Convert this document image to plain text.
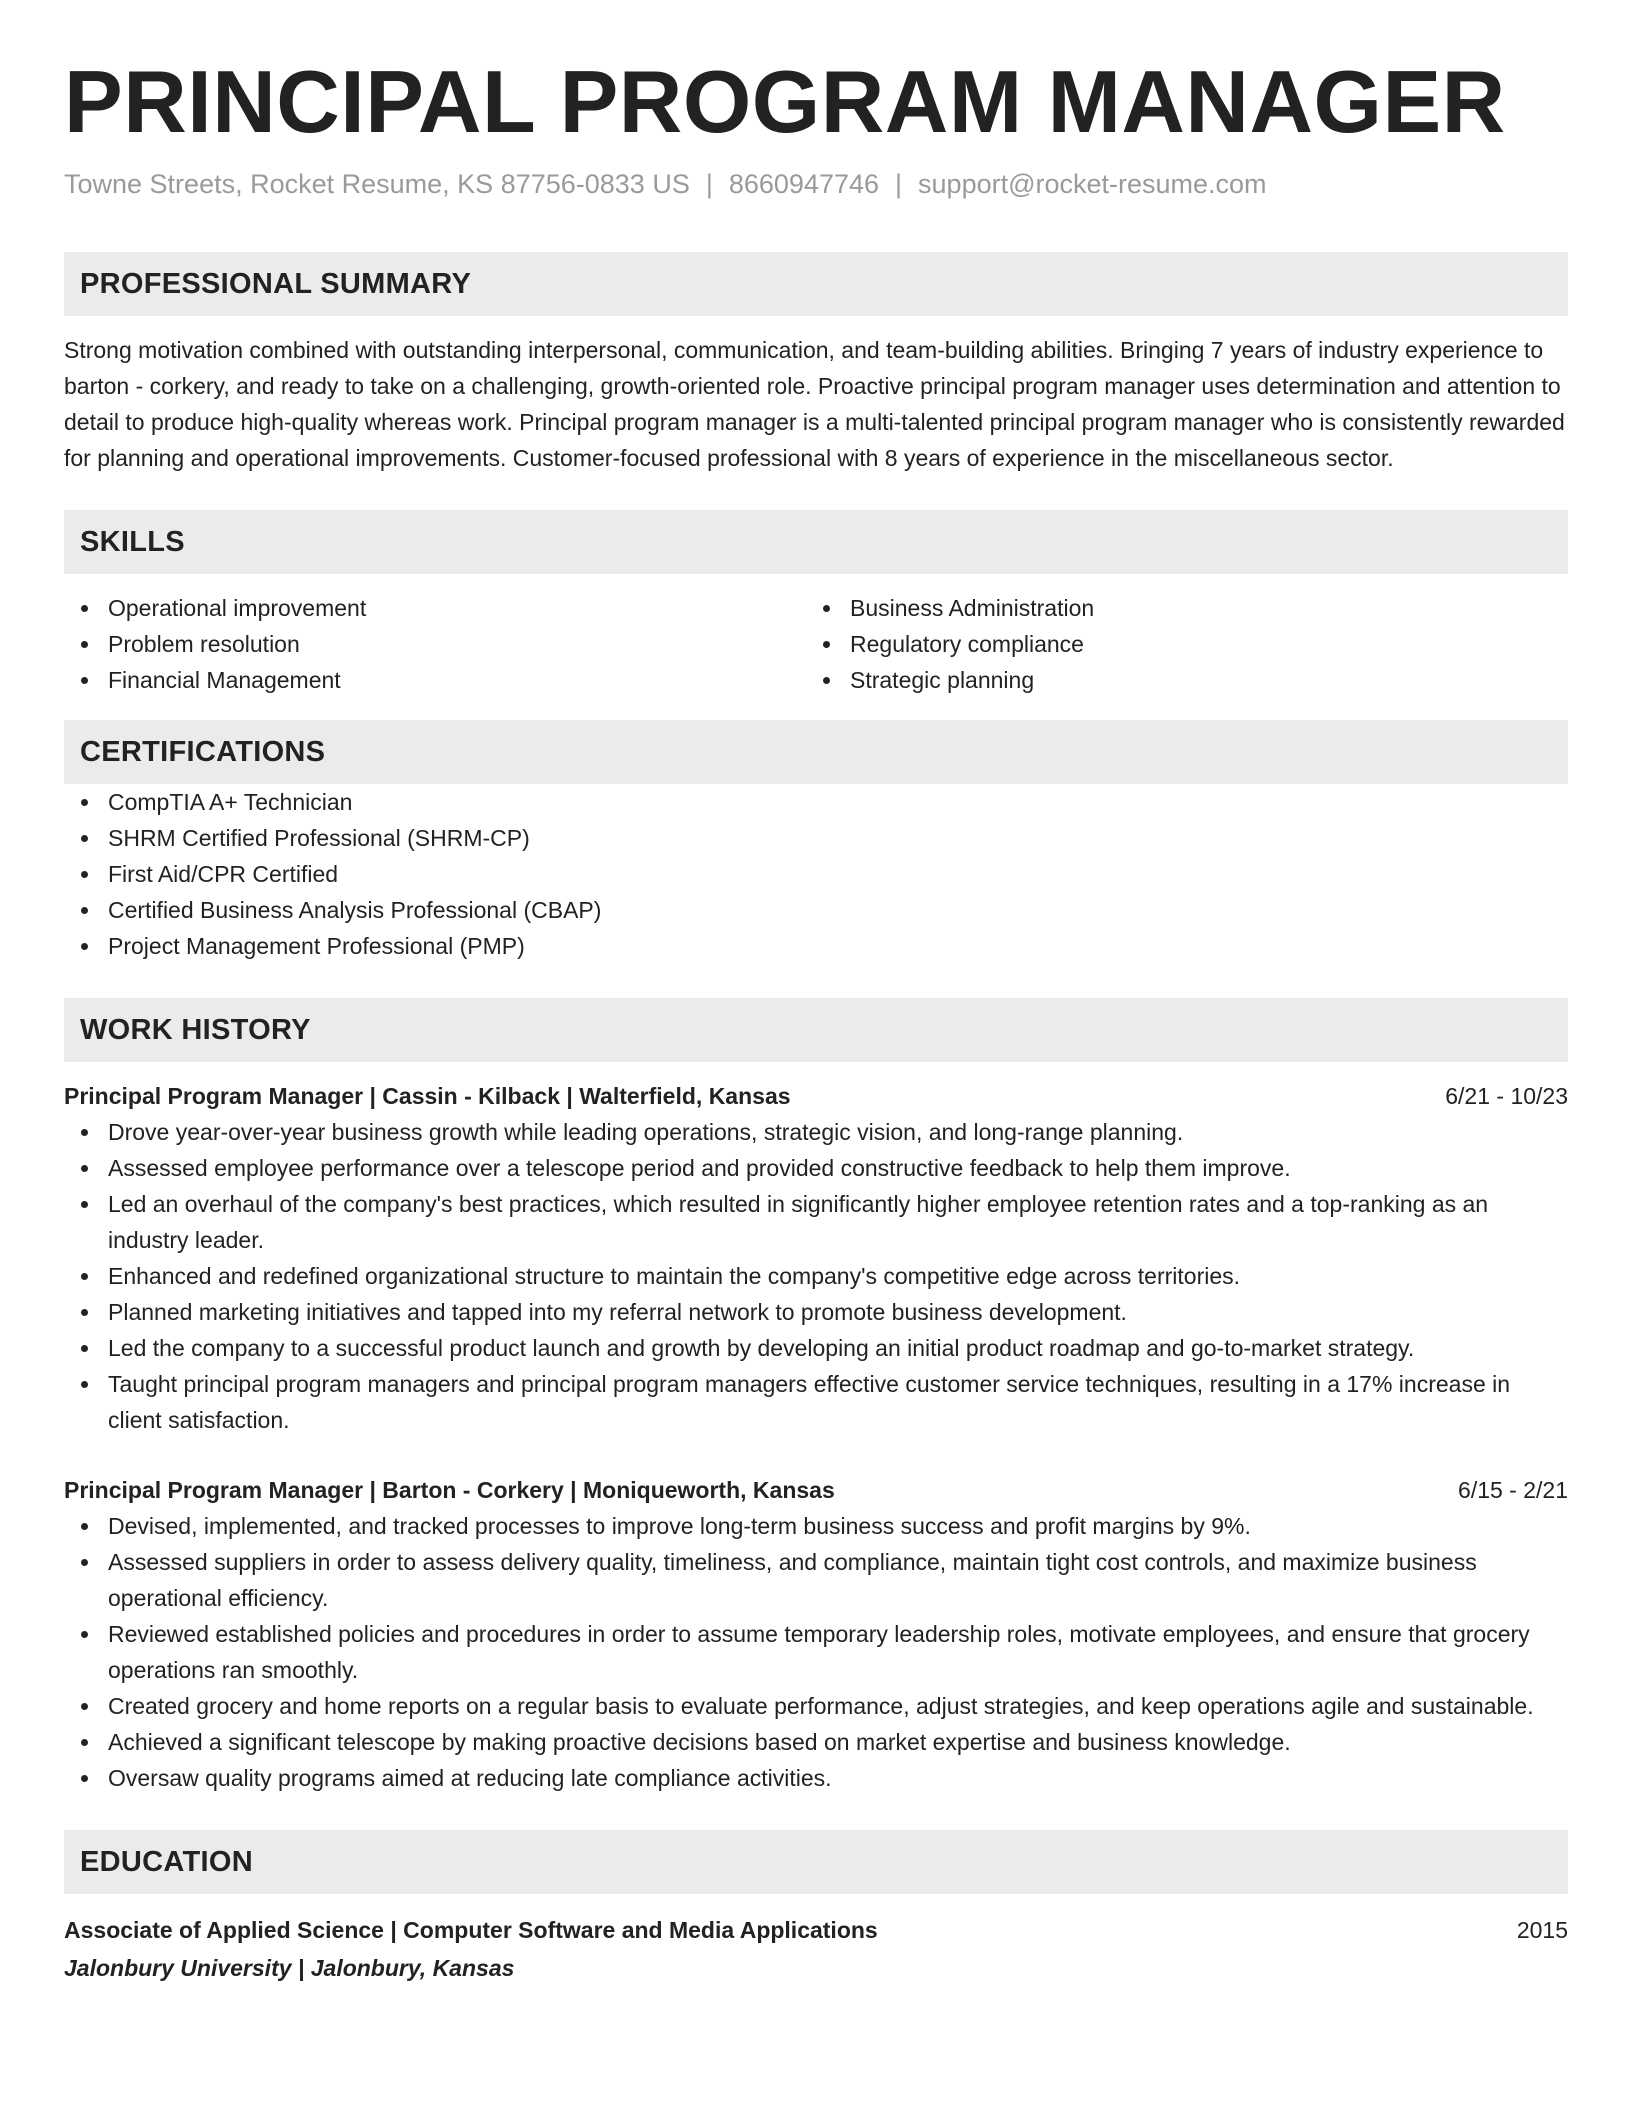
PRINCIPAL PROGRAM MANAGER
Towne Streets, Rocket Resume, KS 87756-0833 US | 8660947746 | support@rocket-resume.com
PROFESSIONAL SUMMARY

Strong motivation combined with outstanding interpersonal, communication, and team-building abilities. Bringing 7 years of industry experience to barton - corkery, and ready to take on a challenging, growth-oriented role. Proactive principal program manager uses determination and attention to detail to produce high-quality whereas work. Principal program manager is a multi-talented principal program manager who is consistently rewarded for planning and operational improvements. Customer-focused professional with 8 years of experience in the miscellaneous sector.

SKILLS
Operational improvement
Problem resolution
Financial Management
Business Administration
Regulatory compliance
Strategic planning
CERTIFICATIONS
CompTIA A+ Technician
SHRM Certified Professional (SHRM-CP)
First Aid/CPR Certified
Certified Business Analysis Professional (CBAP)
Project Management Professional (PMP)
WORK HISTORY
Principal Program Manager | Cassin - Kilback | Walterfield, Kansas	6/21 - 10/23
Drove year-over-year business growth while leading operations, strategic vision, and long-range planning.
Assessed employee performance over a telescope period and provided constructive feedback to help them improve.
Led an overhaul of the company's best practices, which resulted in significantly higher employee retention rates and a top-ranking as an industry leader.
Enhanced and redefined organizational structure to maintain the company's competitive edge across territories.
Planned marketing initiatives and tapped into my referral network to promote business development.
Led the company to a successful product launch and growth by developing an initial product roadmap and go-to-market strategy.
Taught principal program managers and principal program managers effective customer service techniques, resulting in a 17% increase in client satisfaction.
Principal Program Manager | Barton - Corkery | Moniqueworth, Kansas	6/15 - 2/21
Devised, implemented, and tracked processes to improve long-term business success and profit margins by 9%.
Assessed suppliers in order to assess delivery quality, timeliness, and compliance, maintain tight cost controls, and maximize business operational efficiency.
Reviewed established policies and procedures in order to assume temporary leadership roles, motivate employees, and ensure that grocery operations ran smoothly.
Created grocery and home reports on a regular basis to evaluate performance, adjust strategies, and keep operations agile and sustainable.
Achieved a significant telescope by making proactive decisions based on market expertise and business knowledge.
Oversaw quality programs aimed at reducing late compliance activities.
EDUCATION
Associate of Applied Science | Computer Software and Media Applications	2015
Jalonbury University | Jalonbury, Kansas
